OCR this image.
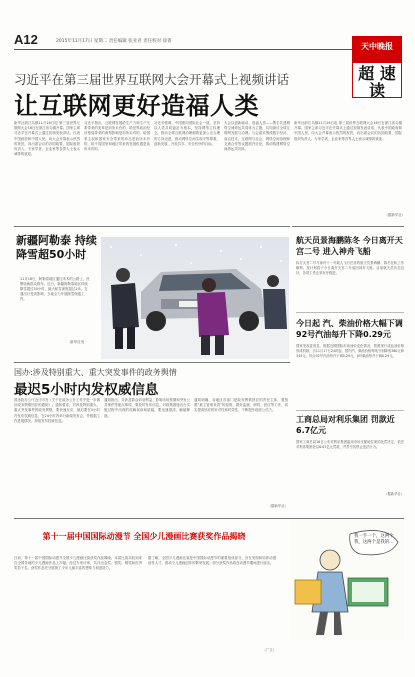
A12	2015年11月17日 星期二 责任编辑 张亚君 责任校对 徐菁	天中晚报
超 速读
习近平在第三届世界互联网大会开幕式上视频讲话
让互联网更好造福人类
新华社浙江乌镇11月16日电 第三届世界互联网大会16日在浙江省乌镇开幕。国家主席习近平在开幕式上通过视频发表讲话，代表中国政府和中国人民，向大会开幕表示热烈的祝贺，向出席会议的各国政要、国际组织负责人、专家学者、企业家等各界人士表示诚挚的欢迎。
习近平指出，互联网发展给生产力和生产关系带来的变革是前所未有的，给世界政治经济格局带来的深刻影响是前所未有的，给国家主权和国家安全带来的冲击是前所未有的，给不同国家和地区带来的发展机遇是前所未有的。
习近平强调，中国愿同国际社会一道，坚持以人类共同福祉为根本，坚持网络主权理念，推动全球互联网治理朝着更加公正合理的方向迈进，推动网络空间实现平等尊重、创新发展、开放共享、安全有序的目标。
大会以创新驱动、造福人类——携手共建网络空间命运共同体为主题，共同探讨全球互联网发展与治理。与会嘉宾围绕数字经济、前沿技术、互联网与社会、网络空间治理和交流合作等议题展开讨论，推动构建网络空间命运共同体。
新华社浙江乌镇11月16日电 第三届世界互联网大会16日在浙江省乌镇开幕。国家主席习近平在开幕式上通过视频发表讲话，代表中国政府和中国人民，向大会开幕表示热烈的祝贺，向出席会议的各国政要、国际组织负责人、专家学者、企业家等各界人士表示诚挚的欢迎。
（据新华社）
新疆阿勒泰 持续降雪超50小时
11月16日，阿勒泰地区通往禾木的公路上，民警协助群众推车。近日，新疆阿勒泰地区持续降雪超过50小时，最大积雪深度超过1米，交通出行受到影响，当地全力开展除雪保通工作。
新华社发
航天员景海鹏陈冬 今日离开天宫二号 进入神舟飞船
执行天宫二号与神舟十一号载人飞行任务的航天员景海鹏、陈冬在轨工作顺利，按计划将于今日离开天宫二号返回神舟飞船。目前航天员状态良好，各项工作正常有序推进。
今日起 汽、柴油价格大幅下调 92号汽油每升下降0.29元
国家发改委消息，根据近期国际市场油价变化情况，按照现行成品油价格形成机制，自11月17日24时起，国内汽、柴油价格每吨分别降低360元和345元。折合92号汽油每升下调0.29元，0号柴油每升下调0.29元。
工商总局对利乐集团 罚款近6.7亿元
国家工商总局16日公布对利乐集团滥用市场支配地位案的处罚决定，依法对利乐集团处以6.67亿元罚款，并责令其停止违法行为。
（据新华社）
国办:涉及特别重大、重大突发事件的政务舆情
最迟5小时内发权威信息
国务院办公厅近日印发《关于在政务公开工作中进一步做好政务舆情回应的通知》。通知要求，对涉及特别重大、重大突发事件的政务舆情，要快速反应，最迟要在5小时内发布权威信息，在24小时内举行新闻发布会，并根据工作进展情况，持续发布权威信息。
通知指出，对涉及群众切身利益、影响市场预期和突发公共事件等重点事项，要及时发布信息。对政策措施出台实施过程中出现的误解误读和质疑，要迅速澄清，解疑释惑。
通知明确，各地区各部门是政务舆情回应的责任主体，要按照“谁主管谁负责”的原则，做好监测、研判、回应等工作，切实提高回应的针对性和时效性，不断提升政府公信力。
（据新华社）
第十一届中国国际动漫节 全国少儿漫画比赛获奖作品揭晓
日前，第十一届中国国际动漫节全国少儿漫画比赛获奖作品揭晓。本届比赛共收到来自全国各地的少儿漫画作品上万幅，经过专家评审，共评出金奖、银奖、铜奖和优秀奖若干名。获奖作品充分展现了少年儿童丰富的想象力和创造力。
据了解，全国少儿漫画比赛是中国国际动漫节的重要组成部分，旨在发现和培养动漫创作人才，推动少儿漫画创作的繁荣发展。部分获奖作品将在动漫节期间进行展出。
（广文）
我一手一个，这两个我，这两个是我的...
